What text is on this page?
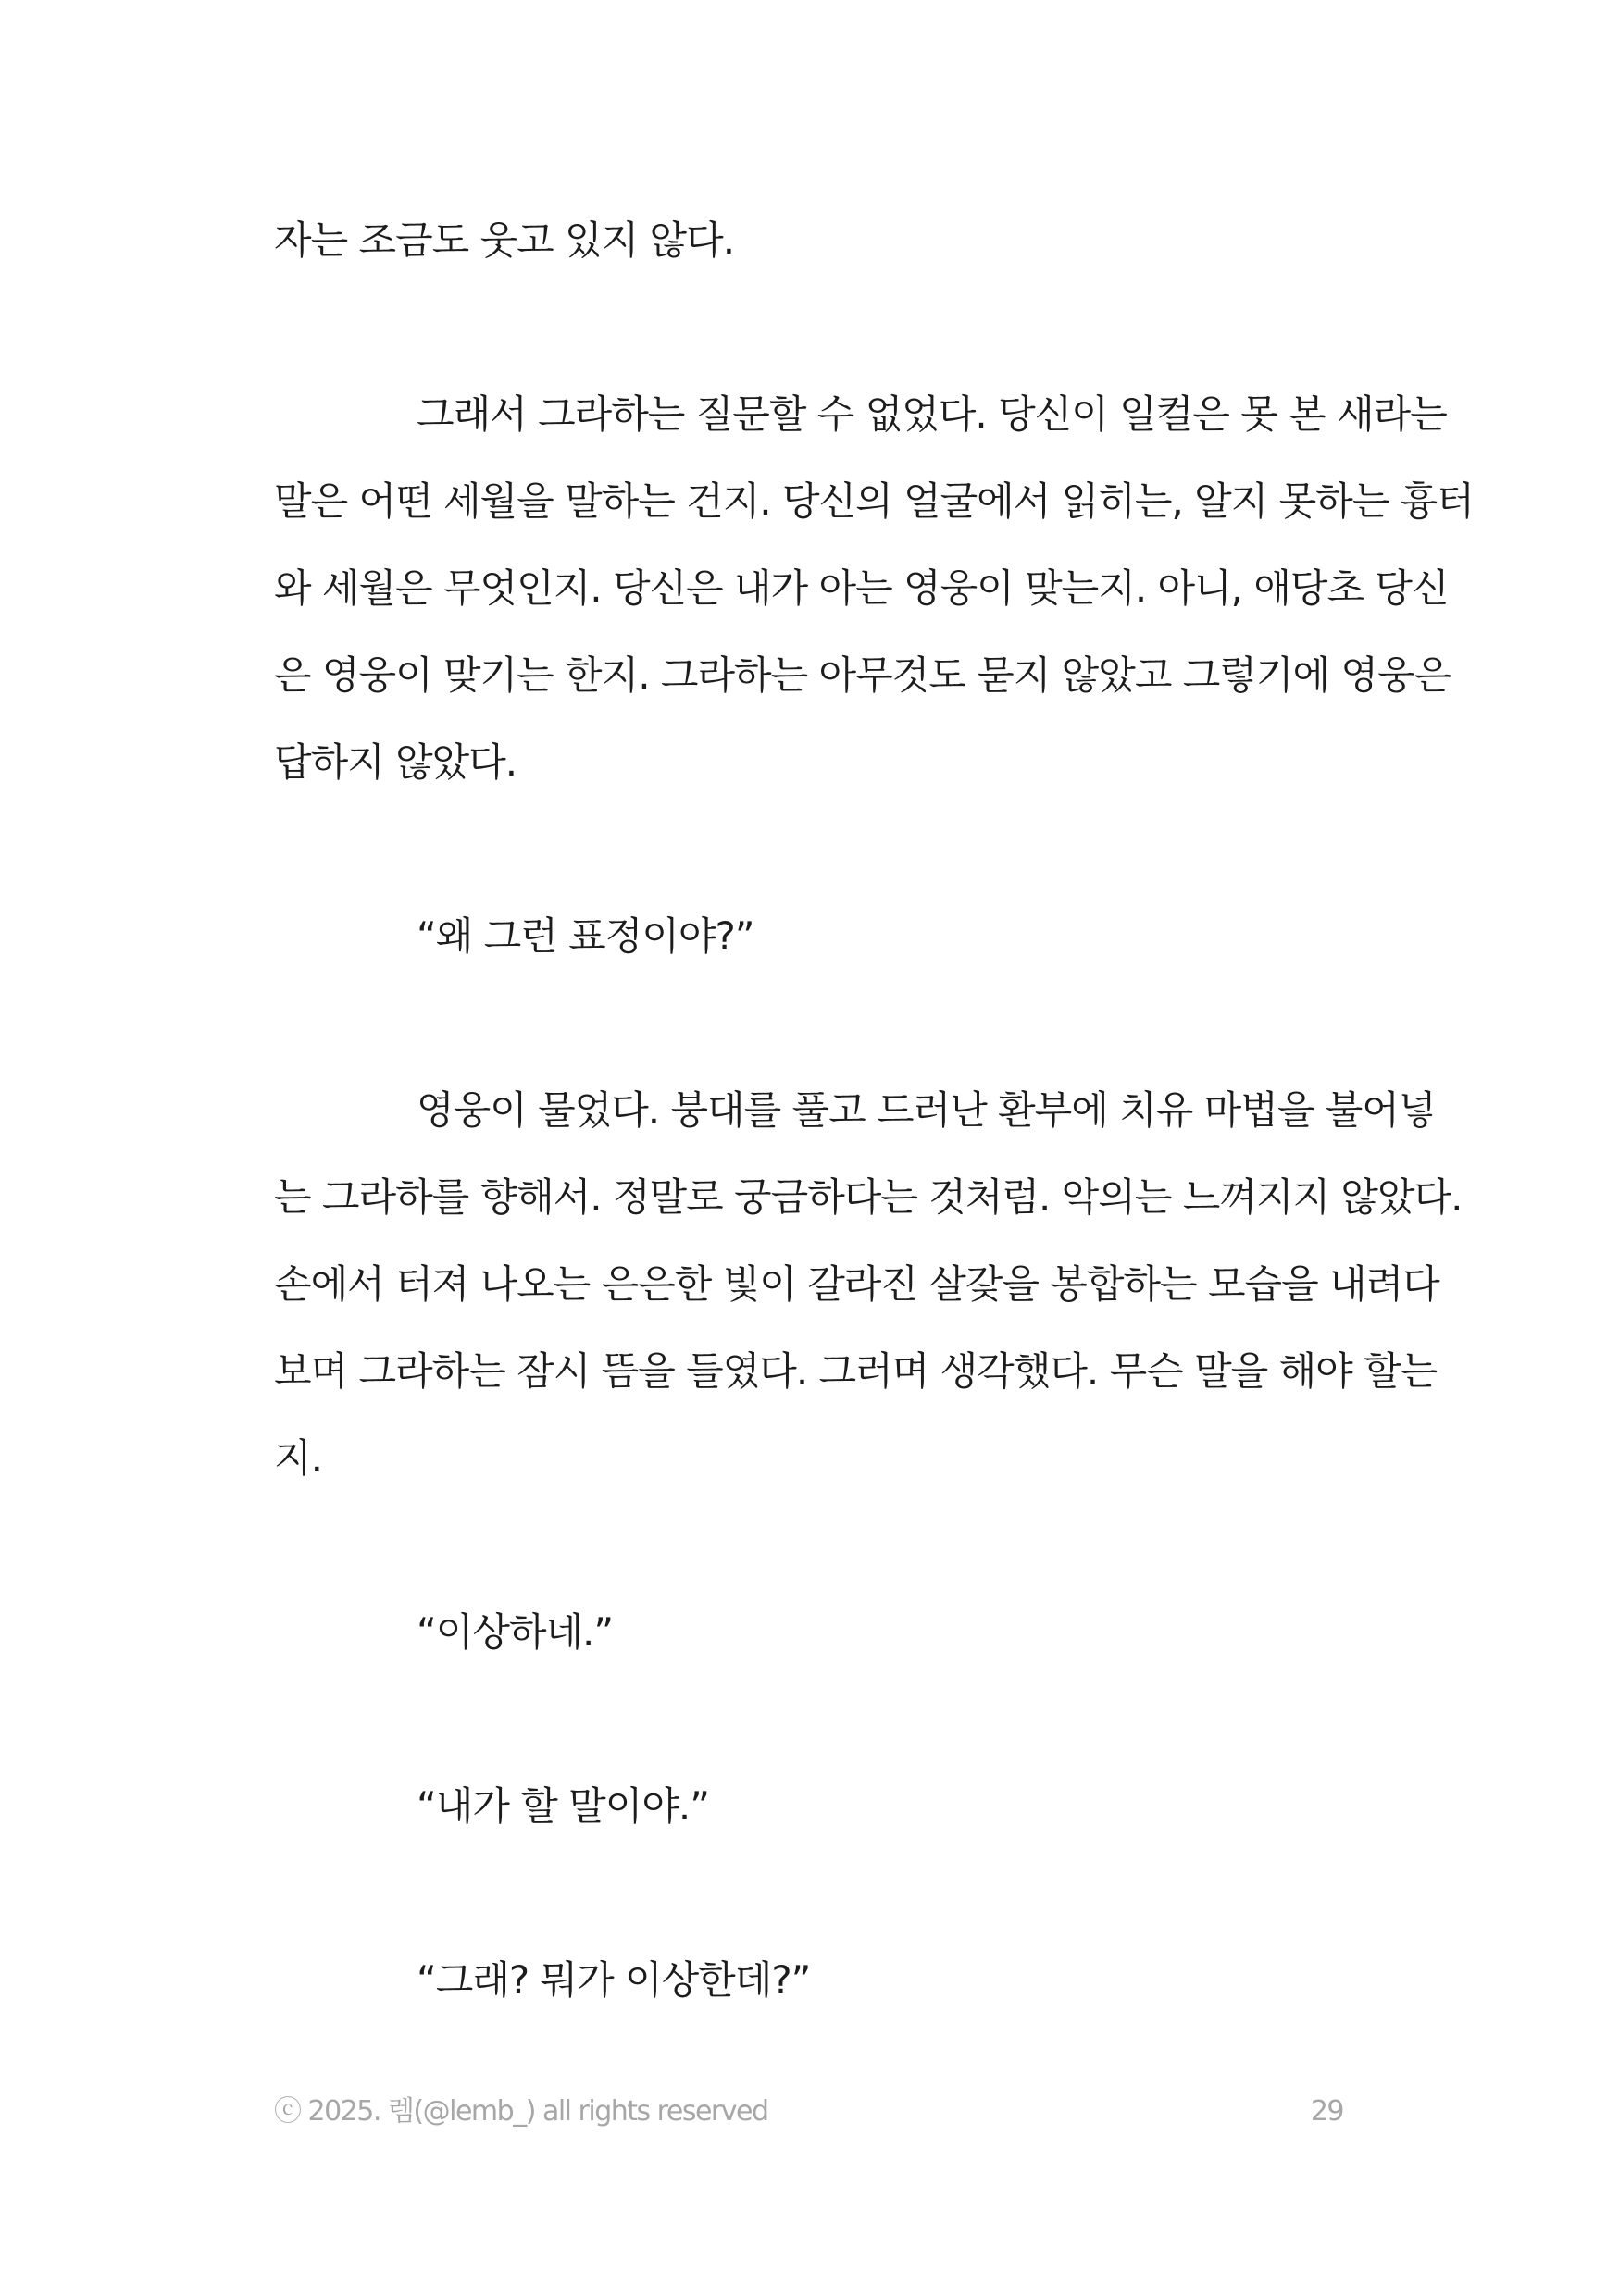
자는 조금도 웃고 있지 않다.
그래서 그라하는 질문할 수 없었다. 당신이 일컬은 못 본 새라는
말은 어떤 세월을 말하는 건지. 당신의 얼굴에서 읽히는, 알지 못하는 흉터
와 세월은 무엇인지. 당신은 내가 아는 영웅이 맞는지. 아니, 애당초 당신
은 영웅이 맞기는 한지. 그라하는 아무것도 묻지 않았고 그렇기에 영웅은
답하지 않았다.
“왜 그런 표정이야?”
영웅이 물었다. 붕대를 풀고 드러난 환부에 치유 마법을 불어넣
는 그라하를 향해서. 정말로 궁금하다는 것처럼. 악의는 느껴지지 않았다.
손에서 터져 나오는 은은한 빛이 갈라진 살갗을 봉합하는 모습을 내려다
보며 그라하는 잠시 뜸을 들였다. 그러며 생각했다. 무슨 말을 해야 할는
지.
“이상하네.”
“내가 할 말이야.”
“그래? 뭐가 이상한데?”
ⓒ 2025. 렘(@lemb_) all rights reserved	29
